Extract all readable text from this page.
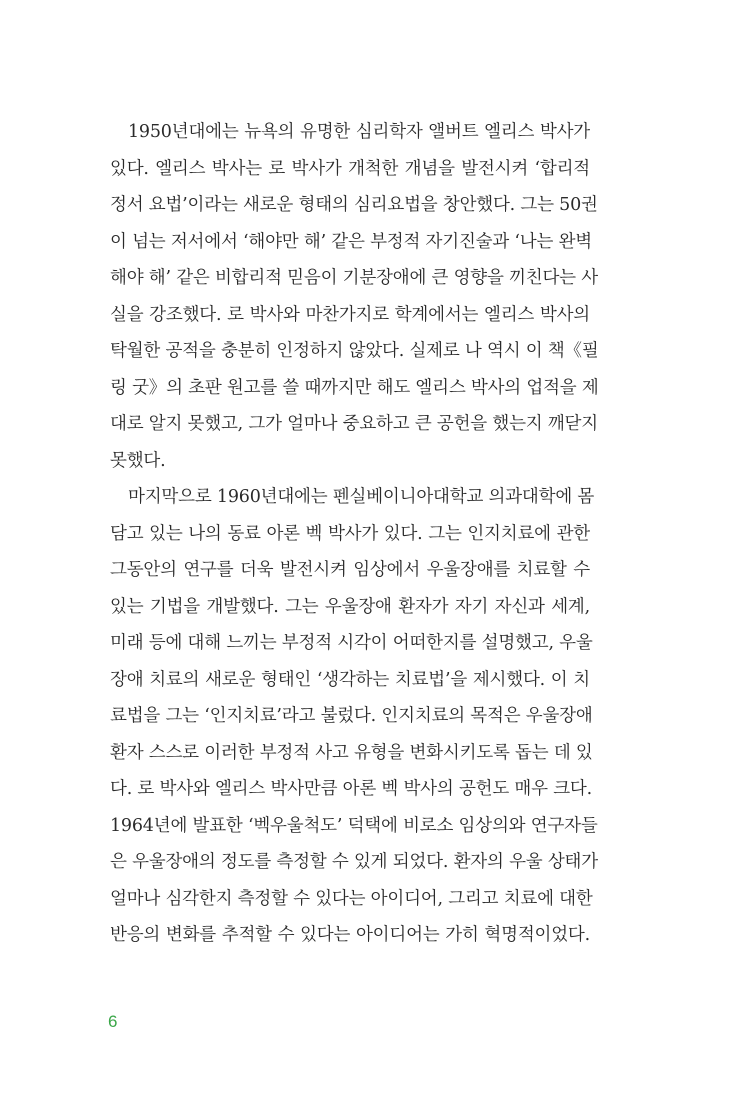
1950년대에는 뉴욕의 유명한 심리학자 앨버트 엘리스 박사가
있다. 엘리스 박사는 로 박사가 개척한 개념을 발전시켜 ‘합리적
정서 요법’이라는 새로운 형태의 심리요법을 창안했다. 그는 50권
이 넘는 저서에서 ‘해야만 해’ 같은 부정적 자기진술과 ‘나는 완벽
해야 해’ 같은 비합리적 믿음이 기분장애에 큰 영향을 끼친다는 사
실을 강조했다. 로 박사와 마찬가지로 학계에서는 엘리스 박사의
탁월한 공적을 충분히 인정하지 않았다. 실제로 나 역시 이 책《필
링 굿》의 초판 원고를 쓸 때까지만 해도 엘리스 박사의 업적을 제
대로 알지 못했고, 그가 얼마나 중요하고 큰 공헌을 했는지 깨닫지
못했다.
마지막으로 1960년대에는 펜실베이니아대학교 의과대학에 몸
담고 있는 나의 동료 아론 벡 박사가 있다. 그는 인지치료에 관한
그동안의 연구를 더욱 발전시켜 임상에서 우울장애를 치료할 수
있는 기법을 개발했다. 그는 우울장애 환자가 자기 자신과 세계,
미래 등에 대해 느끼는 부정적 시각이 어떠한지를 설명했고, 우울
장애 치료의 새로운 형태인 ‘생각하는 치료법’을 제시했다. 이 치
료법을 그는 ‘인지치료’라고 불렀다. 인지치료의 목적은 우울장애
환자 스스로 이러한 부정적 사고 유형을 변화시키도록 돕는 데 있
다. 로 박사와 엘리스 박사만큼 아론 벡 박사의 공헌도 매우 크다.
1964년에 발표한 ‘벡우울척도’ 덕택에 비로소 임상의와 연구자들
은 우울장애의 정도를 측정할 수 있게 되었다. 환자의 우울 상태가
얼마나 심각한지 측정할 수 있다는 아이디어, 그리고 치료에 대한
반응의 변화를 추적할 수 있다는 아이디어는 가히 혁명적이었다.
6
